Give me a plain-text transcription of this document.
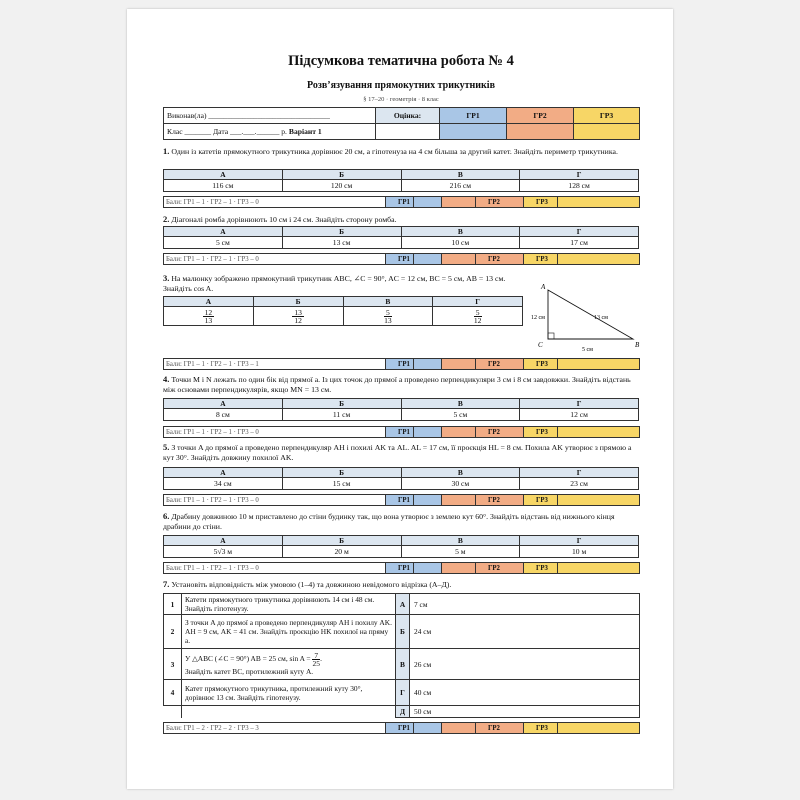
Підсумкова тематична робота № 4
Розв’язування прямокутних трикутників
§ 17–20 · геометрія · 8 клас
Виконав(ла) ________________________________	Оцінка:	ГР1	ГР2	ГР3
Клас _______ Дата ___.___.______ р. Варіант 1				
1. Один із катетів прямокутного трикутника дорівнює 20 см, а гіпотенуза на 4 см більша за другий катет. Знайдіть периметр трикутника.
А	Б	В	Г
116 см	120 см	216 см	128 см
Бали: ГР1 – 1 · ГР2 – 1 · ГР3 – 0	ГР1			ГР2	ГР3	
2. Діагоналі ромба дорівнюють 10 см і 24 см. Знайдіть сторону ромба.
А	Б	В	Г
5 см	13 см	10 см	17 см
Бали: ГР1 – 1 · ГР2 – 1 · ГР3 – 0	ГР1			ГР2	ГР3	
3. На малюнку зображено прямокутний трикутник ABC, ∠C = 90°, AC = 12 см, BC = 5 см, AB = 13 см. Знайдіть cos A.
А	Б	В	Г

$\frac{12}{13}$	$\frac{13}{12}$	$\frac{5}{13}$	$\frac{5}{12}$
Бали: ГР1 – 1 · ГР2 – 1 · ГР3 – 1	ГР1			ГР2	ГР3	
4. Точки M і N лежать по один бік від прямої a. Із цих точок до прямої a проведено перпендикуляри 3 см і 8 см завдовжки. Знайдіть відстань між основами перпендикулярів, якщо MN = 13 см.
А	Б	В	Г
8 см	11 см	5 см	12 см
Бали: ГР1 – 1 · ГР2 – 1 · ГР3 – 0	ГР1			ГР2	ГР3	
5. З точки A до прямої a проведено перпендикуляр AH і похилі AK та AL. AL = 17 см, її проєкція HL = 8 см. Похила AK утворює з прямою a кут 30°. Знайдіть довжину похилої AK.
А	Б	В	Г
34 см	15 см	30 см	23 см
Бали: ГР1 – 1 · ГР2 – 1 · ГР3 – 0	ГР1			ГР2	ГР3	
6. Драбину довжиною 10 м приставлено до стіни будинку так, що вона утворює з землею кут 60°. Знайдіть відстань від нижнього кінця драбини до стіни.
А	Б	В	Г
5√3 м	20 м	5 м	10 м
Бали: ГР1 – 1 · ГР2 – 1 · ГР3 – 0	ГР1			ГР2	ГР3	
A
C	B
12 см	13 см
5 см
7. Установіть відповідність між умовою (1–4) та довжиною невідомого відрізка (А–Д).
1	Катети прямокутного трикутника дорівнюють 14 см і 48 см. Знайдіть гіпотенузу.	А	7 см
2	З точки A до прямої a проведено перпендикуляр AH і похилу AK. AH = 9 см, AK = 41 см. Знайдіть проєкцію HK похилої на пряму a.	Б	24 см
3	У △ABC (∠C = 90°) AB = 25 см, $\sin A = \frac{7}{25}$ .
Знайдіть катет BC, протилежний куту A.	В	26 см
4	Катет прямокутного трикутника, протилежний куту 30°, дорівнює 13 см. Знайдіть гіпотенузу.	Г	40 см
		Д	50 см
Бали: ГР1 – 2 · ГР2 – 2 · ГР3 – 3	ГР1			ГР2	ГР3	
